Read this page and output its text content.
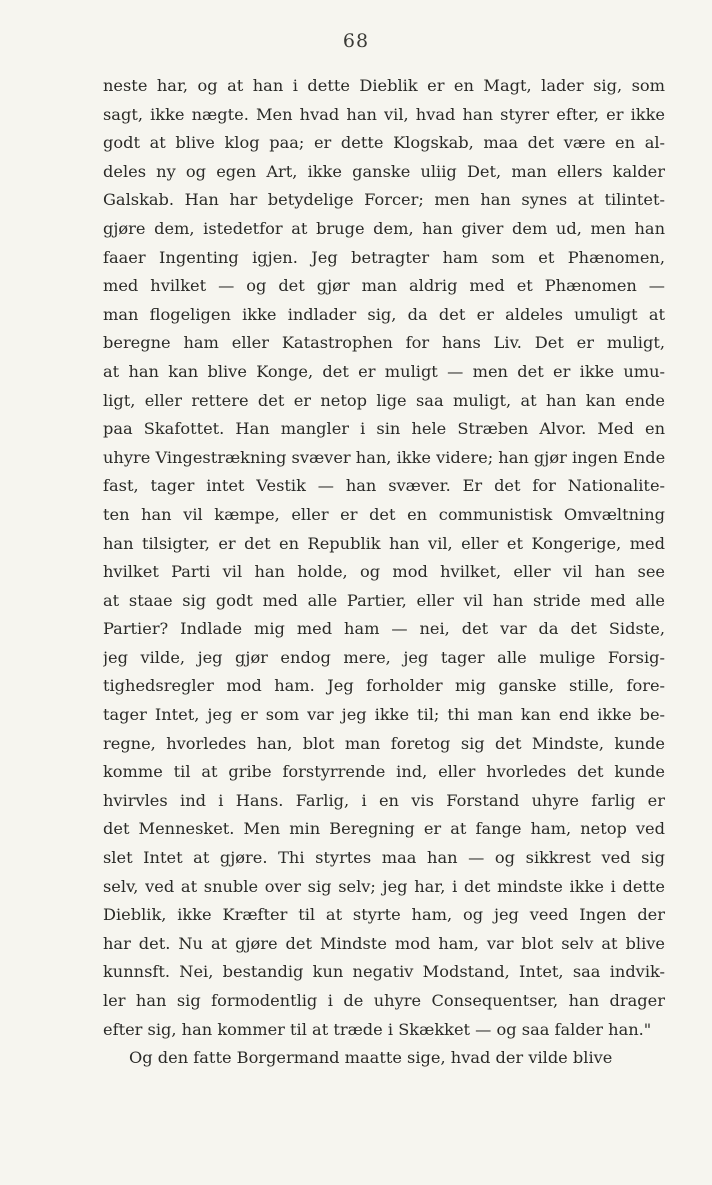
68
neste har, og at han i dette Dieblik er en Magt, lader sig, som
sagt, ikke nægte. Men hvad han vil, hvad han styrer efter, er ikke
godt at blive klog paa; er dette Klogskab, maa det være en al-
deles ny og egen Art, ikke ganske uliig Det, man ellers kalder
Galskab. Han har betydelige Forcer; men han synes at tilintet-
gjøre dem, istedetfor at bruge dem, han giver dem ud, men han
faaer Ingenting igjen. Jeg betragter ham som et Phænomen,
med hvilket — og det gjør man aldrig med et Phænomen —
man flogeligen ikke indlader sig, da det er aldeles umuligt at
beregne ham eller Katastrophen for hans Liv. Det er muligt,
at han kan blive Konge, det er muligt — men det er ikke umu-
ligt, eller rettere det er netop lige saa muligt, at han kan ende
paa Skafottet. Han mangler i sin hele Stræben Alvor. Med en
uhyre Vingestrækning svæver han, ikke videre; han gjør ingen Ende
fast, tager intet Vestik — han svæver. Er det for Nationalite-
ten han vil kæmpe, eller er det en communistisk Omvæltning
han tilsigter, er det en Republik han vil, eller et Kongerige, med
hvilket Parti vil han holde, og mod hvilket, eller vil han see
at staae sig godt med alle Partier, eller vil han stride med alle
Partier? Indlade mig med ham — nei, det var da det Sidste,
jeg vilde, jeg gjør endog mere, jeg tager alle mulige Forsig-
tighedsregler mod ham. Jeg forholder mig ganske stille, fore-
tager Intet, jeg er som var jeg ikke til; thi man kan end ikke be-
regne, hvorledes han, blot man foretog sig det Mindste, kunde
komme til at gribe forstyrrende ind, eller hvorledes det kunde
hvirvles ind i Hans. Farlig, i en vis Forstand uhyre farlig er
det Mennesket. Men min Beregning er at fange ham, netop ved
slet Intet at gjøre. Thi styrtes maa han — og sikkrest ved sig
selv, ved at snuble over sig selv; jeg har, i det mindste ikke i dette
Dieblik, ikke Kræfter til at styrte ham, og jeg veed Ingen der
har det. Nu at gjøre det Mindste mod ham, var blot selv at blive
kunnsft. Nei, bestandig kun negativ Modstand, Intet, saa indvik-
ler han sig formodentlig i de uhyre Consequentser, han drager
efter sig, han kommer til at træde i Skækket — og saa falder han."
Og den fatte Borgermand maatte sige, hvad der vilde blive
